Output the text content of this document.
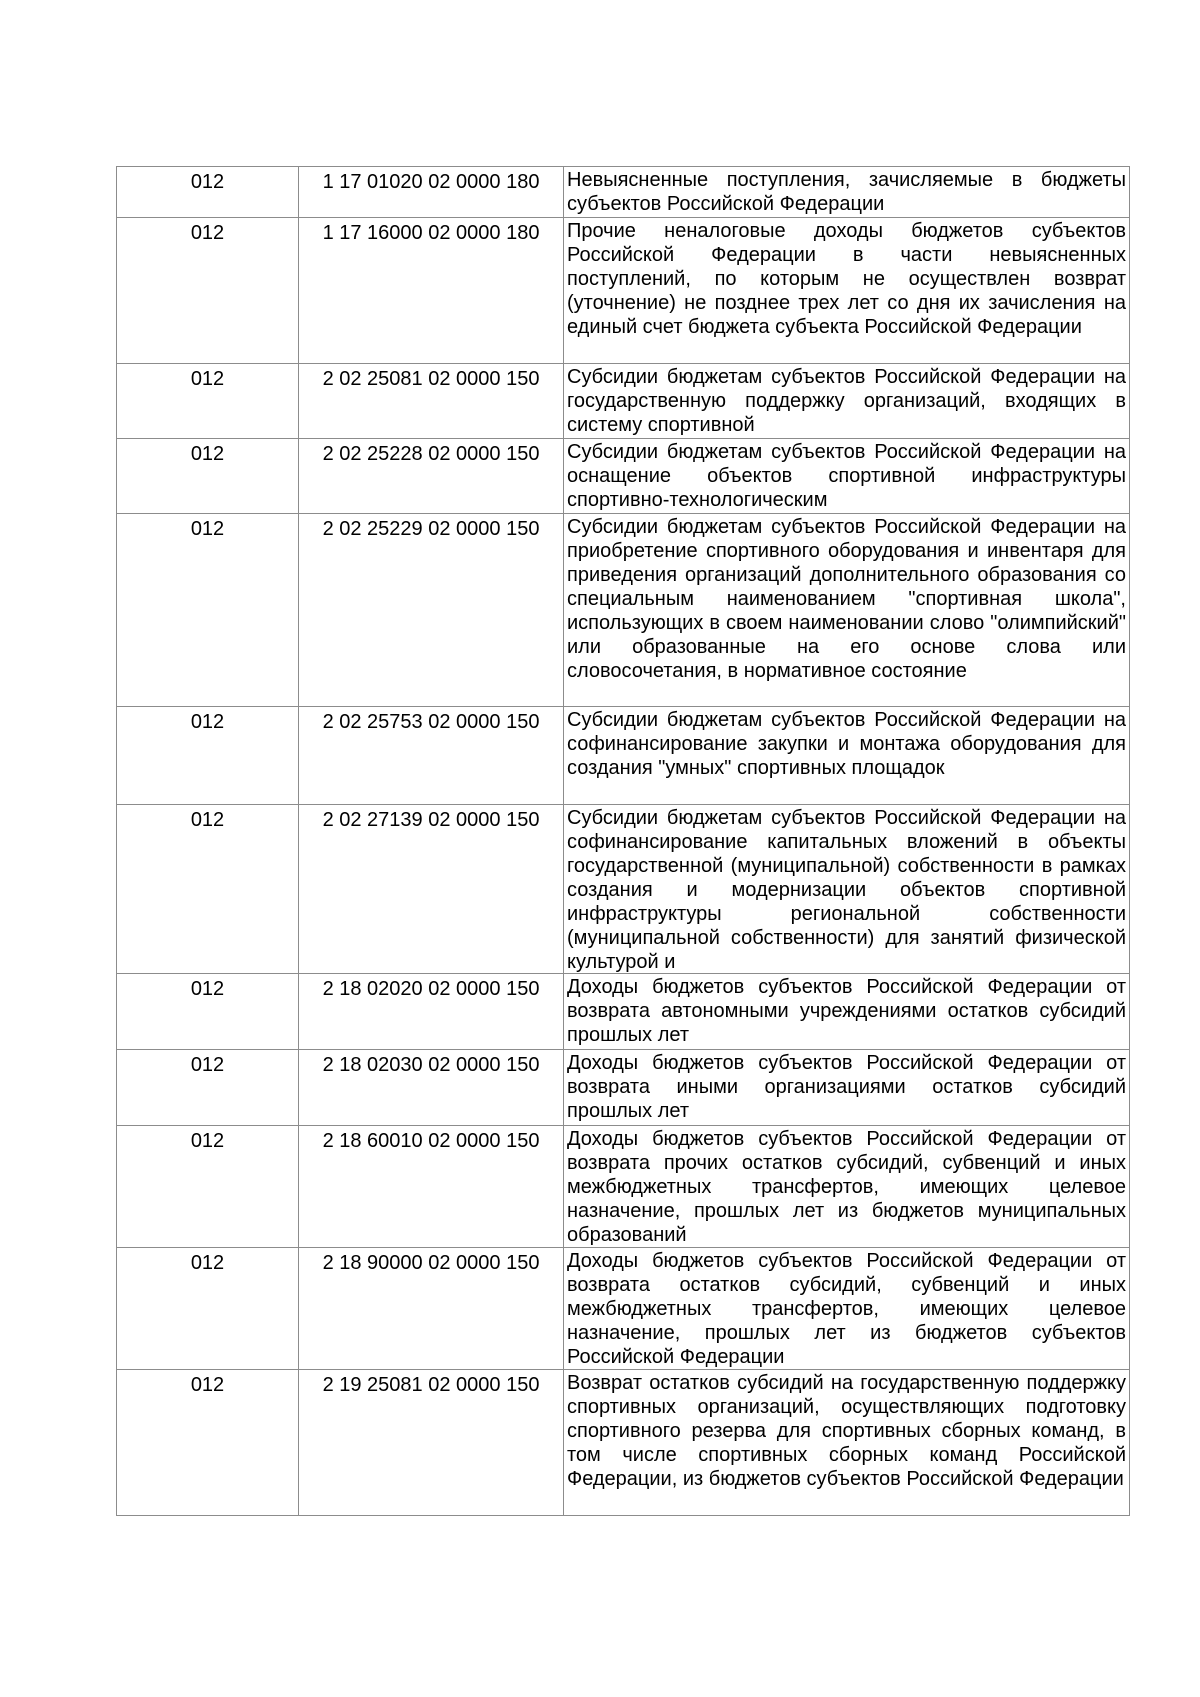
012	1 17 01020 02 0000 180	Невыясненные поступления, зачисляемые в бюджеты субъектов Российской Федерации

012	1 17 16000 02 0000 180	Прочие неналоговые доходы бюджетов субъектов Российской Федерации в части невыясненных поступлений, по которым не осуществлен возврат (уточнение) не позднее трех лет со дня их зачисления на единый счет бюджета субъекта Российской Федерации

012	2 02 25081 02 0000 150	Субсидии бюджетам субъектов Российской Федерации на государственную поддержку организаций, входящих в систему спортивной

012	2 02 25228 02 0000 150	Субсидии бюджетам субъектов Российской Федерации на оснащение объектов спортивной инфраструктуры спортивно-технологическим

012	2 02 25229 02 0000 150	Субсидии бюджетам субъектов Российской Федерации на приобретение спортивного оборудования и инвентаря для приведения организаций дополнительного образования со специальным наименованием "спортивная школа", использующих в своем наименовании слово "олимпийский" или образованные на его основе слова или словосочетания, в нормативное состояние

012	2 02 25753 02 0000 150	Субсидии бюджетам субъектов Российской Федерации на софинансирование закупки и монтажа оборудования для создания "умных" спортивных площадок

012	2 02 27139 02 0000 150	Субсидии бюджетам субъектов Российской Федерации на софинансирование капитальных вложений в объекты государственной (муниципальной) собственности в рамках создания и модернизации объектов спортивной инфраструктуры региональной собственности (муниципальной собственности) для занятий физической культурой и

012	2 18 02020 02 0000 150	Доходы бюджетов субъектов Российской Федерации от возврата автономными учреждениями остатков субсидий прошлых лет

012	2 18 02030 02 0000 150	Доходы бюджетов субъектов Российской Федерации от возврата иными организациями остатков субсидий прошлых лет

012	2 18 60010 02 0000 150	Доходы бюджетов субъектов Российской Федерации от возврата прочих остатков субсидий, субвенций и иных межбюджетных трансфертов, имеющих целевое назначение, прошлых лет из бюджетов муниципальных образований

012	2 18 90000 02 0000 150	Доходы бюджетов субъектов Российской Федерации от возврата остатков субсидий, субвенций и иных межбюджетных трансфертов, имеющих целевое назначение, прошлых лет из бюджетов субъектов Российской Федерации

012	2 19 25081 02 0000 150	Возврат остатков субсидий на государственную поддержку спортивных организаций, осуществляющих подготовку спортивного резерва для спортивных сборных команд, в том числе спортивных сборных команд Российской Федерации, из бюджетов субъектов Российской Федерации
